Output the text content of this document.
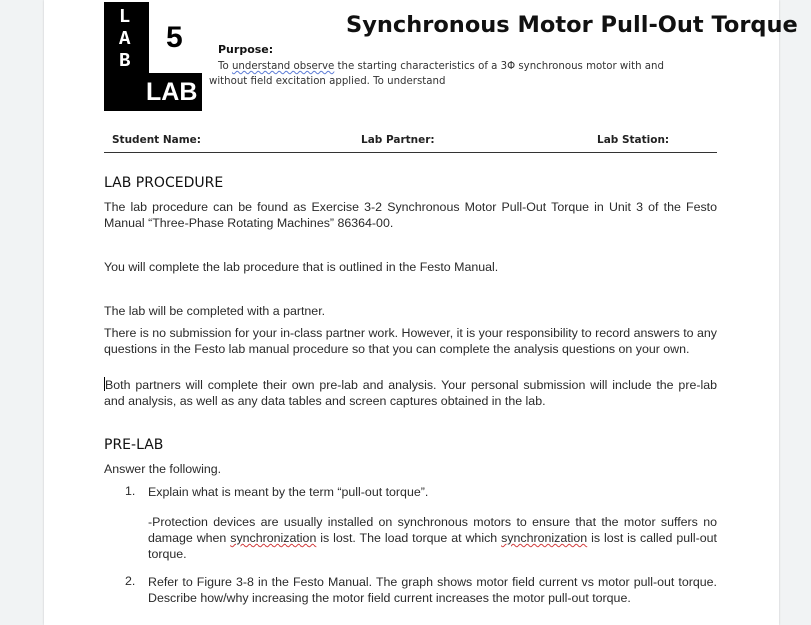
L
A
B
5
LAB
Synchronous Motor Pull-Out Torque
Purpose:
To understand observe the starting characteristics of a 3Φ synchronous motor with and without field excitation applied. To understand
Student Name:	Lab Partner:	Lab Station:
LAB PROCEDURE
The lab procedure can be found as Exercise 3-2 Synchronous Motor Pull-Out Torque in Unit 3 of the Festo Manual “Three-Phase Rotating Machines” 86364-00.
You will complete the lab procedure that is outlined in the Festo Manual.
The lab will be completed with a partner.
There is no submission for your in-class partner work. However, it is your responsibility to record answers to any questions in the Festo lab manual procedure so that you can complete the analysis questions on your own.
Both partners will complete their own pre-lab and analysis. Your personal submission will include the pre-lab and analysis, as well as any data tables and screen captures obtained in the lab.
PRE-LAB
Answer the following.
1. Explain what is meant by the term “pull-out torque”.
-Protection devices are usually installed on synchronous motors to ensure that the motor suffers no damage when synchronization is lost. The load torque at which synchronization is lost is called pull-out torque.
2. Refer to Figure 3-8 in the Festo Manual. The graph shows motor field current vs motor pull-out torque. Describe how/why increasing the motor field current increases the motor pull-out torque.
